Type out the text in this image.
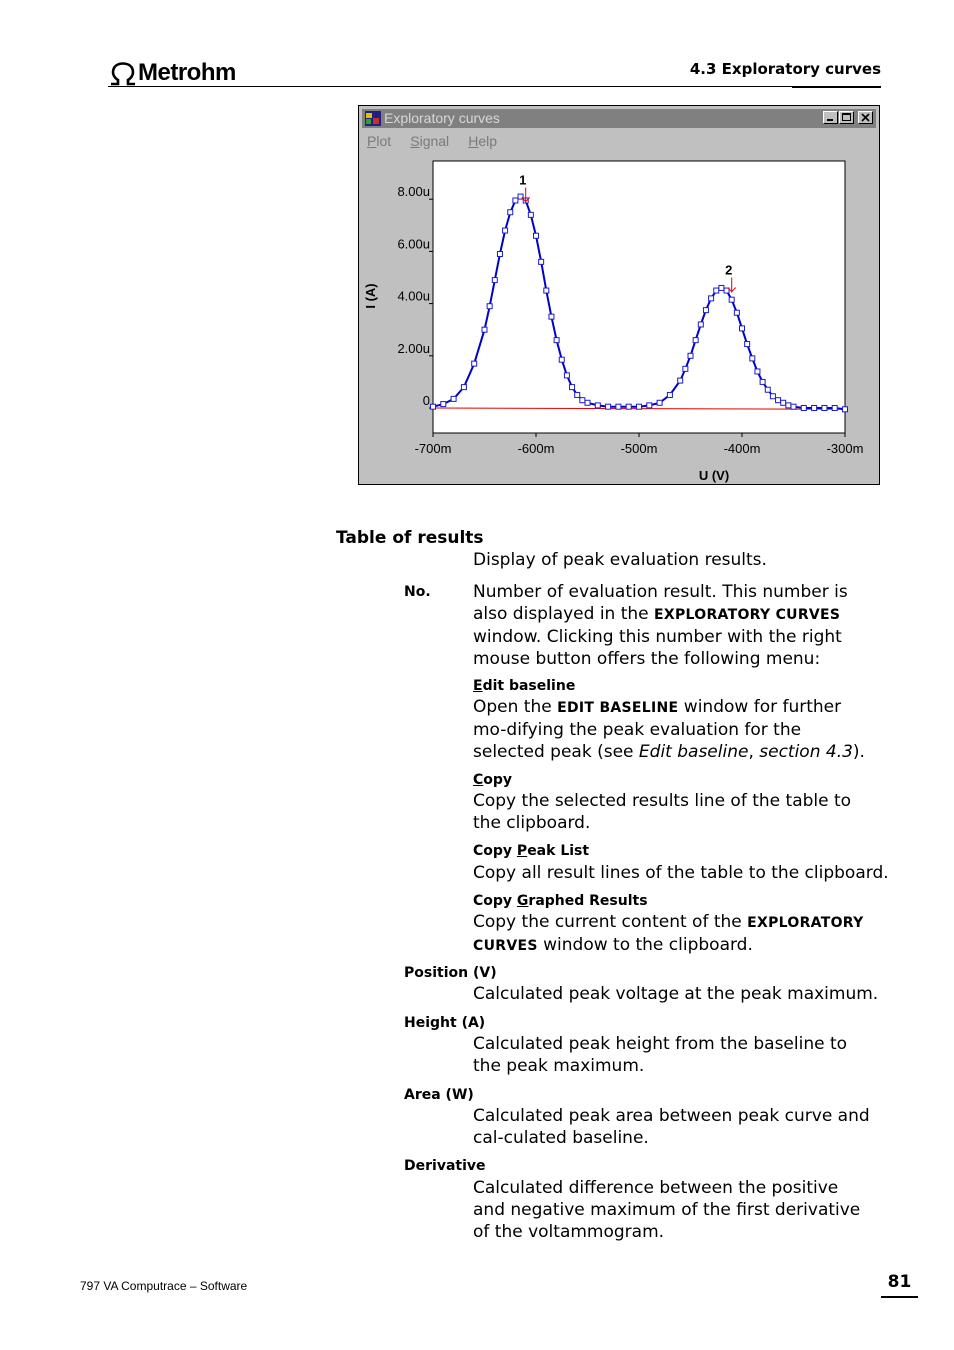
Metrohm	4.3 Exploratory curves
Exploratory curves
Plot Signal Help
0
2.00u
4.00u
6.00u
8.00u
-700m	-600m	-500m	-400m	-300m
U (V)
I (A)
1
2
Table of results
Display of peak evaluation results.
No. Number of evaluation result. This number is also displayed in the EXPLORATORY CURVES window. Clicking this number with the right mouse button offers the following menu:
Edit baseline
Open the EDIT BASELINE window for further mo-difying the peak evaluation for the selected peak (see Edit baseline, section 4.3).
Copy
Copy the selected results line of the table to the clipboard.
Copy Peak List
Copy all result lines of the table to the clipboard.
Copy Graphed Results
Copy the current content of the EXPLORATORY CURVES window to the clipboard.
Position (V)
Calculated peak voltage at the peak maximum.
Height (A)
Calculated peak height from the baseline to the peak maximum.
Area (W)
Calculated peak area between peak curve and cal-culated baseline.
Derivative
Calculated difference between the positive and negative maximum of the first derivative of the voltammogram.
797 VA Computrace – Software	81
